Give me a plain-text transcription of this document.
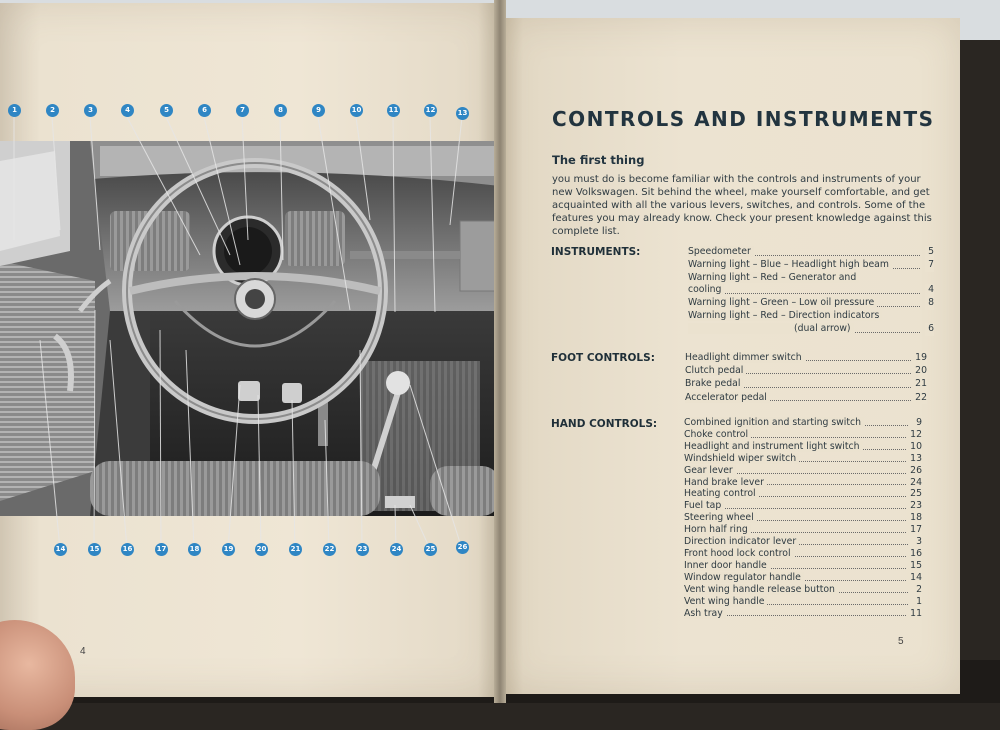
1	2	3	4	5	6	7	8	9	10	11	12	13
14	15	16	17	18	19	20	21	22	23	24	25	26
4
5
CONTROLS AND INSTRUMENTS
The first thing
you must do is become familiar with the controls and instruments of your new Volkswagen. Sit behind the wheel, make yourself comfortable, and get acquainted with all the various levers, switches, and controls. Some of the features you may already know. Check your present knowledge against this complete list.
INSTRUMENTS:	Speedometer	5
Warning light – Blue – Headlight high beam	7
Warning light – Red – Generator and
cooling	4
Warning light – Green – Low oil pressure	8
Warning light – Red – Direction indicators
(dual arrow)	6
FOOT CONTROLS:	Headlight dimmer switch	19
Clutch pedal	20
Brake pedal	21
Accelerator pedal	22
HAND CONTROLS:	Combined ignition and starting switch	9
Choke control	12
Headlight and instrument light switch	10
Windshield wiper switch	13
Gear lever	26
Hand brake lever	24
Heating control	25
Fuel tap	23
Steering wheel	18
Horn half ring	17
Direction indicator lever	3
Front hood lock control	16
Inner door handle	15
Window regulator handle	14
Vent wing handle release button	2
Vent wing handle	1
Ash tray	11
